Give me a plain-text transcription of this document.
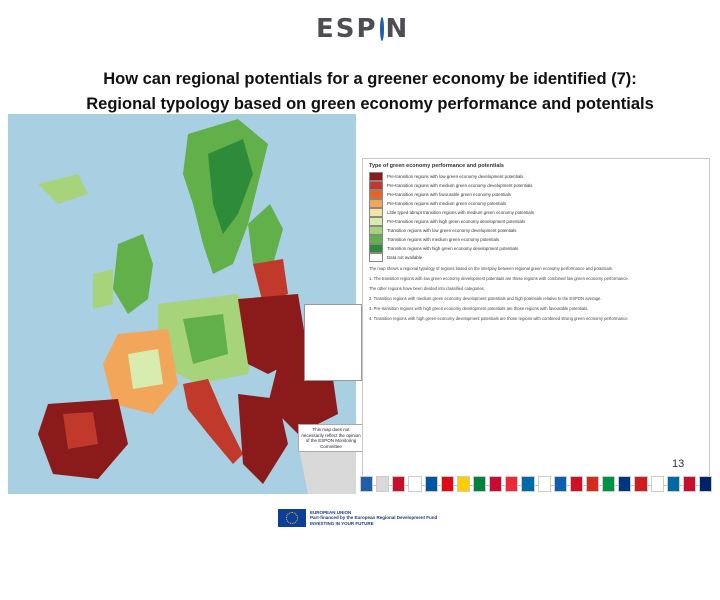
ESP N
How can regional potentials for a greener economy be identified (7):
Regional typology based on green economy performance and potentials
This map does not necessarily reflect the opinion of the ESPON Monitoring Committee
(c) TCAN TECNALIA, Project GREECO, 2013
Type of green economy performance and potentials
Pre-transition regions with low green economy development potentials
Pre-transition regions with medium green economy development potentials
Pre-transition regions with favourable green economy potentials
Pre-transition regions with medium green economy potentials
Little typed abrupt transition regions with medium green economy potentials
Pre-transition regions with high green economy development potentials
Transition regions with low green economy development potentials
Transition regions with medium green economy potentials
Transition regions with high green economy development potentials
Data not available
The map shows a regional typology of regions based on the interplay between regional green economy performance and potentials.
1. The transition regions with low green economy development potentials are those regions with combined low green economy performance.
The other regions have been divided into classified categories.
2. Transition regions with medium green economy development potentials and high potentials relative to the ESPON average.
3. Pre-transition regions with high green economy development potentials are those regions with favourable potentials.
4. Transition regions with high green economy development potentials are those regions with combined strong green economy performance.
13
EUROPEAN UNION
Part-financed by the European Regional Development Fund
INVESTING IN YOUR FUTURE
